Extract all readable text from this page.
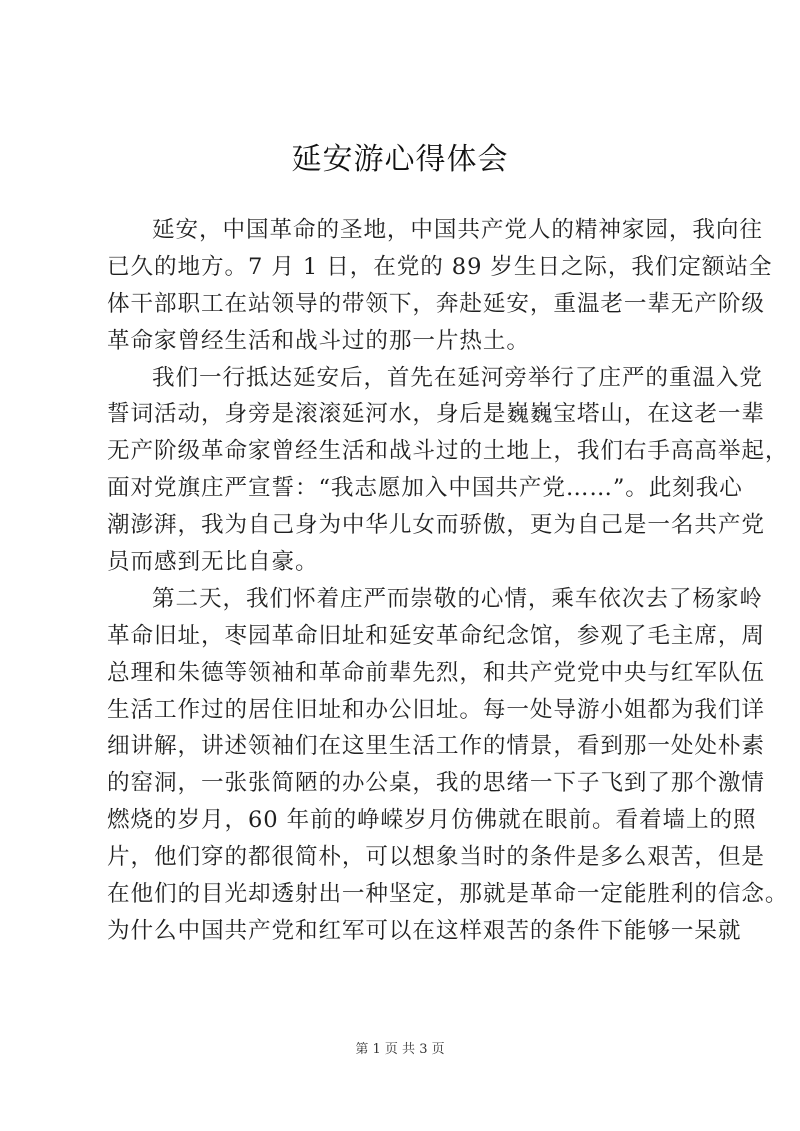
延安游心得体会
延安，中国革命的圣地，中国共产党人的精神家园，我向往
已久的地方。7 月 1 日，在党的 89 岁生日之际，我们定额站全
体干部职工在站领导的带领下，奔赴延安，重温老一辈无产阶级
革命家曾经生活和战斗过的那一片热土。
我们一行抵达延安后，首先在延河旁举行了庄严的重温入党
誓词活动，身旁是滚滚延河水，身后是巍巍宝塔山，在这老一辈
无产阶级革命家曾经生活和战斗过的土地上，我们右手高高举起，
面对党旗庄严宣誓：“我志愿加入中国共产党……”。此刻我心
潮澎湃，我为自己身为中华儿女而骄傲，更为自己是一名共产党
员而感到无比自豪。
第二天，我们怀着庄严而崇敬的心情，乘车依次去了杨家岭
革命旧址，枣园革命旧址和延安革命纪念馆，参观了毛主席，周
总理和朱德等领袖和革命前辈先烈，和共产党党中央与红军队伍
生活工作过的居住旧址和办公旧址。每一处导游小姐都为我们详
细讲解，讲述领袖们在这里生活工作的情景，看到那一处处朴素
的窑洞，一张张简陋的办公桌，我的思绪一下子飞到了那个激情
燃烧的岁月，60 年前的峥嵘岁月仿佛就在眼前。看着墙上的照
片，他们穿的都很简朴，可以想象当时的条件是多么艰苦，但是
在他们的目光却透射出一种坚定，那就是革命一定能胜利的信念。
为什么中国共产党和红军可以在这样艰苦的条件下能够一呆就
第 1 页 共 3 页
